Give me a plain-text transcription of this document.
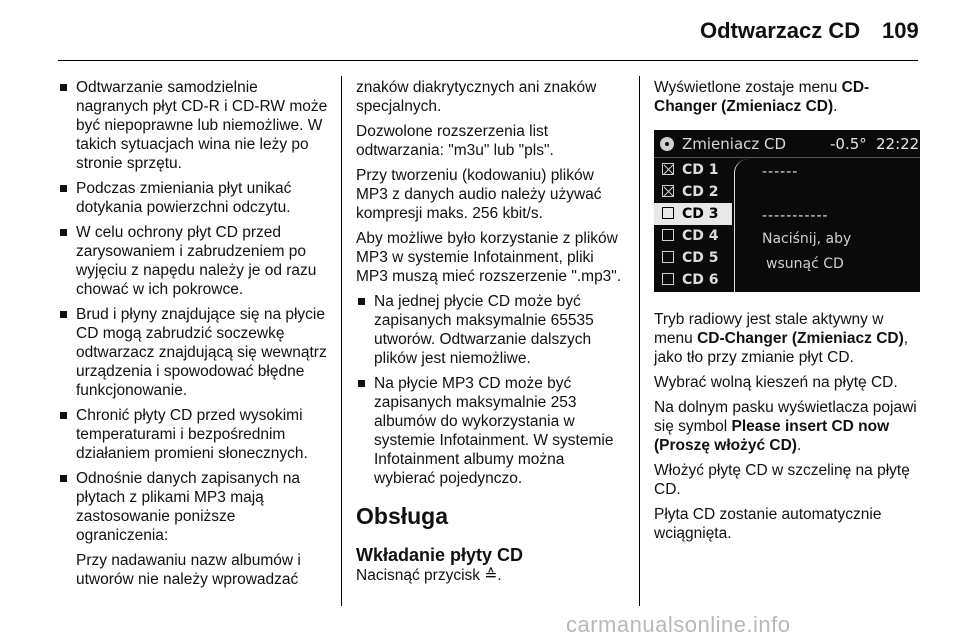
Odtwarzacz CD 109
Odtwarzanie samodzielnie nagranych płyt CD-R i CD-RW może być niepoprawne lub niemożliwe. W takich sytuacjach wina nie leży po stronie sprzętu.
Podczas zmieniania płyt unikać dotykania powierzchni odczytu.
W celu ochrony płyt CD przed zarysowaniem i zabrudzeniem po wyjęciu z napędu należy je od razu chować w ich pokrowce.
Brud i płyny znajdujące się na płycie CD mogą zabrudzić soczewkę odtwarzacz znajdującą się wewnątrz urządzenia i spowodować błędne funkcjonowanie.
Chronić płyty CD przed wysokimi temperaturami i bezpośrednim działaniem promieni słonecznych.
Odnośnie danych zapisanych na płytach z plikami MP3 mają zastosowanie poniższe ograniczenia:
Przy nadawaniu nazw albumów i utworów nie należy wprowadzać
znaków diakrytycznych ani znaków specjalnych.
Dozwolone rozszerzenia list odtwarzania: "m3u" lub "pls".
Przy tworzeniu (kodowaniu) plików MP3 z danych audio należy używać kompresji maks. 256 kbit/s.
Aby możliwe było korzystanie z plików MP3 w systemie Infotainment, pliki MP3 muszą mieć rozszerzenie ".mp3".
Na jednej płycie CD może być zapisanych maksymalnie 65535 utworów. Odtwarzanie dalszych plików jest niemożliwe.
Na płycie MP3 CD może być zapisanych maksymalnie 253 albumów do wykorzystania w systemie Infotainment. W systemie Infotainment albumy można wybierać pojedynczo.
Obsługa
Wkładanie płyty CD
Nacisnąć przycisk ≙.
Wyświetlone zostaje menu CD-Changer (Zmieniacz CD).
Zmieniacz CD	-0.5° 22:22
CD 1
CD 2
CD 3
CD 4
CD 5
CD 6
------
-----------
Naciśnij, aby
wsunąć CD
Tryb radiowy jest stale aktywny w menu CD-Changer (Zmieniacz CD), jako tło przy zmianie płyt CD.
Wybrać wolną kieszeń na płytę CD.
Na dolnym pasku wyświetlacza pojawi się symbol Please insert CD now (Proszę włożyć CD).
Włożyć płytę CD w szczelinę na płytę CD.
Płyta CD zostanie automatycznie wciągnięta.
carmanualsonline.info
